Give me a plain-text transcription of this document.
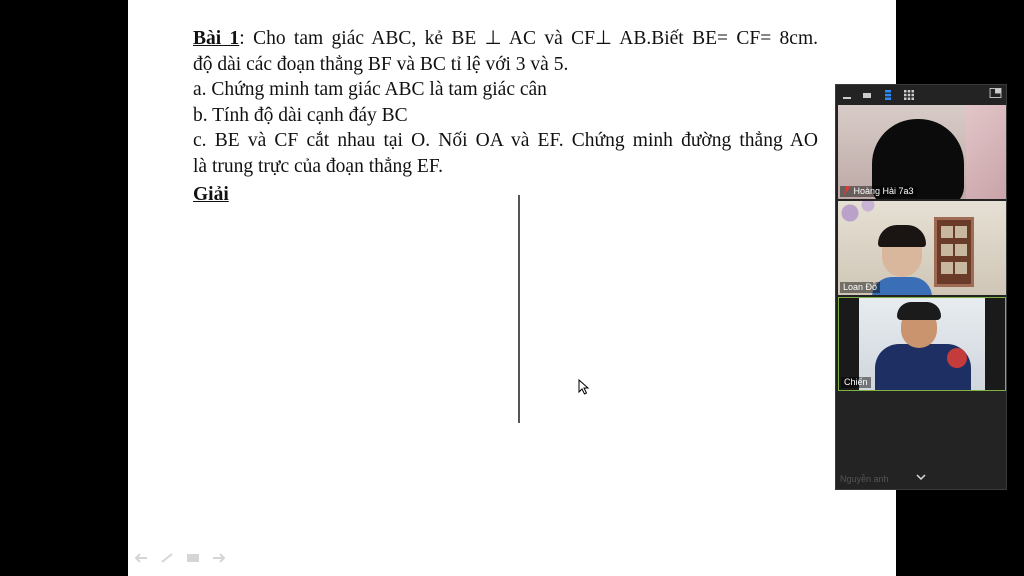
Bài 1: Cho tam giác ABC, kẻ BE ⊥ AC và CF⊥ AB.Biết BE= CF= 8cm.
độ dài các đoạn thẳng BF và BC tỉ lệ với 3 và 5.
a. Chứng minh tam giác ABC là tam giác cân
b. Tính độ dài cạnh đáy BC
c. BE và CF cắt nhau tại O. Nối OA và EF. Chứng minh đường thẳng AO
là trung trực của đoạn thẳng EF.
Giải	Hoàng Hải 7a3
Loan Đỗ
Chiến
Nguyễn anh
